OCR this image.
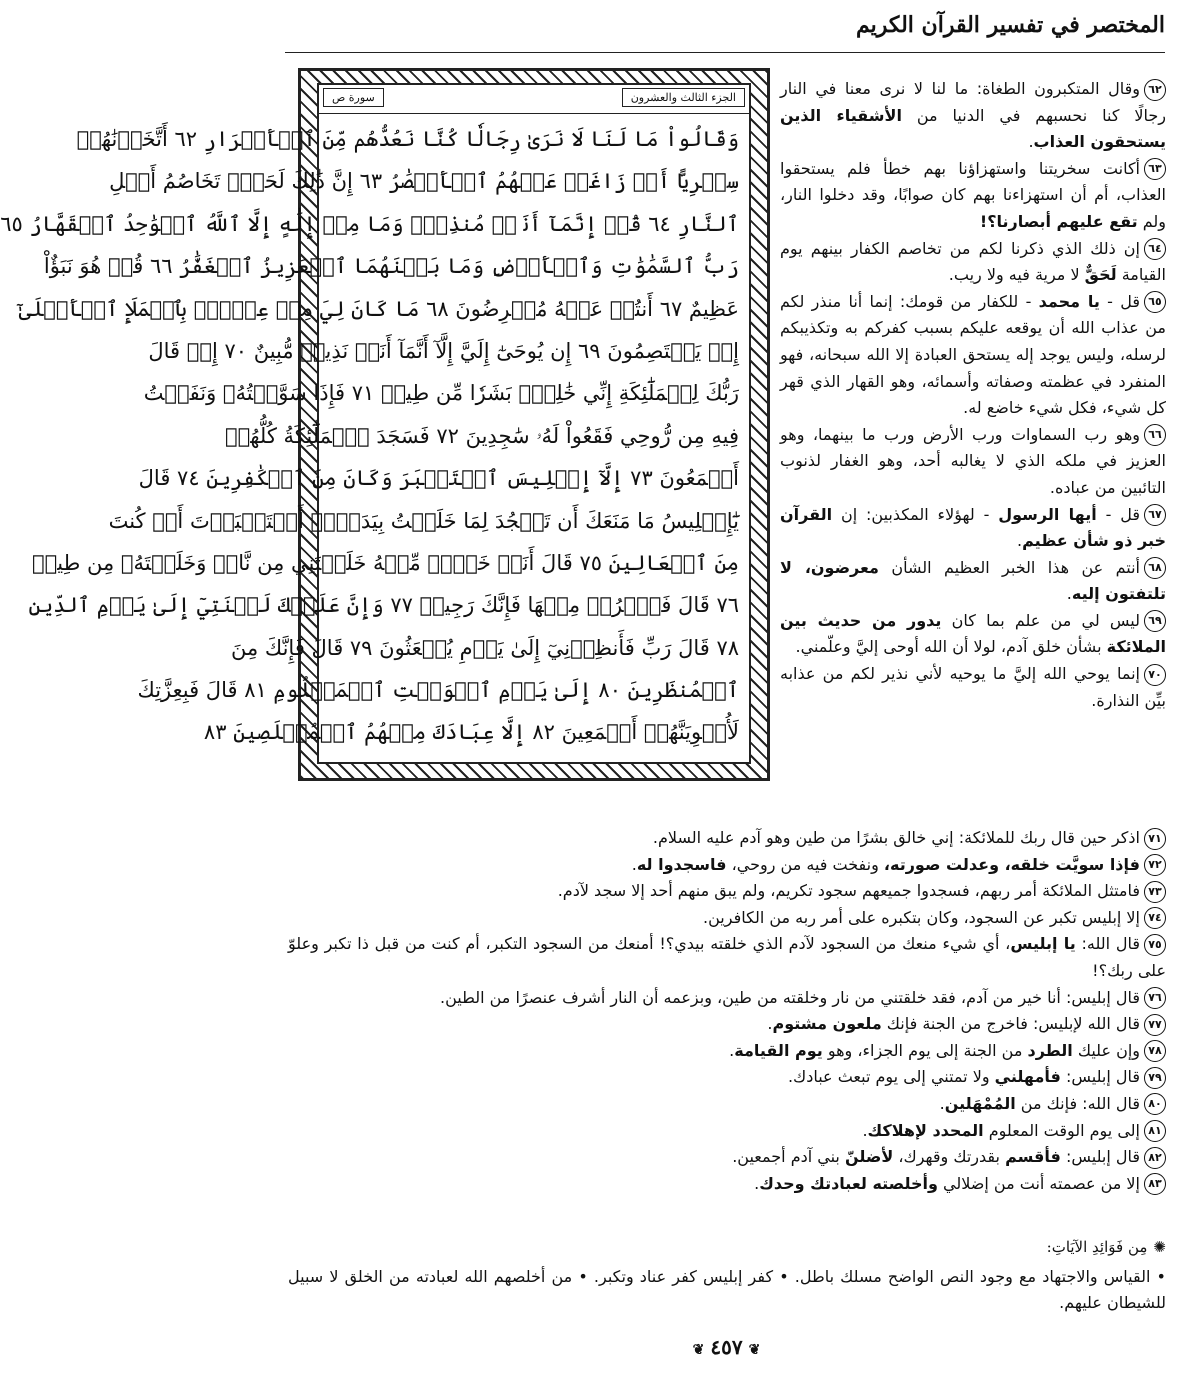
المختصر في تفسير القرآن الكريم
الجزء الثالث والعشرون
سورة ص
وَقَالُواْ مَا لَنَا لَا نَرَىٰ رِجَالٗا كُنَّا نَعُدُّهُم مِّنَ ٱلۡأَشۡرَارِ ٦٢ أَتَّخَذۡنَٰهُمۡ
سِخۡرِيًّا أَمۡ زَاغَتۡ عَنۡهُمُ ٱلۡأَبۡصَٰرُ ٦٣ إِنَّ ذَٰلِكَ لَحَقّٞ تَخَاصُمُ أَهۡلِ
ٱلنَّارِ ٦٤ قُلۡ إِنَّمَآ أَنَا۠ مُنذِرٞۖ وَمَا مِنۡ إِلَٰهٍ إِلَّا ٱللَّهُ ٱلۡوَٰحِدُ ٱلۡقَهَّارُ ٦٥
رَبُّ ٱلسَّمَٰوَٰتِ وَٱلۡأَرۡضِ وَمَا بَيۡنَهُمَا ٱلۡعَزِيزُ ٱلۡغَفَّٰرُ ٦٦ قُلۡ هُوَ نَبَؤٌاْ
عَظِيمٌ ٦٧ أَنتُمۡ عَنۡهُ مُعۡرِضُونَ ٦٨ مَا كَانَ لِيَ مِنۡ عِلۡمِۭ بِٱلۡمَلَإِ ٱلۡأَعۡلَىٰٓ
إِذۡ يَخۡتَصِمُونَ ٦٩ إِن يُوحَىٰٓ إِلَيَّ إِلَّآ أَنَّمَآ أَنَا۠ نَذِيرٞ مُّبِينٌ ٧٠ إِذۡ قَالَ
رَبُّكَ لِلۡمَلَٰٓئِكَةِ إِنِّي خَٰلِقُۢ بَشَرٗا مِّن طِينٖ ٧١ فَإِذَا سَوَّيۡتُهُۥ وَنَفَخۡتُ
فِيهِ مِن رُّوحِي فَقَعُواْ لَهُۥ سَٰجِدِينَ ٧٢ فَسَجَدَ ٱلۡمَلَٰٓئِكَةُ كُلُّهُمۡ
أَجۡمَعُونَ ٧٣ إِلَّآ إِبۡلِيسَ ٱسۡتَكۡبَرَ وَكَانَ مِنَ ٱلۡكَٰفِرِينَ ٧٤ قَالَ
يَٰٓإِبۡلِيسُ مَا مَنَعَكَ أَن تَسۡجُدَ لِمَا خَلَقۡتُ بِيَدَيَّۖ أَسۡتَكۡبَرۡتَ أَمۡ كُنتَ
مِنَ ٱلۡعَالِينَ ٧٥ قَالَ أَنَا۠ خَيۡرٞ مِّنۡهُ خَلَقۡتَنِي مِن نَّارٖ وَخَلَقۡتَهُۥ مِن طِينٖ
٧٦ قَالَ فَٱخۡرُجۡ مِنۡهَا فَإِنَّكَ رَجِيمٞ ٧٧ وَإِنَّ عَلَيۡكَ لَعۡنَتِيٓ إِلَىٰ يَوۡمِ ٱلدِّينِ
٧٨ قَالَ رَبِّ فَأَنظِرۡنِيٓ إِلَىٰ يَوۡمِ يُبۡعَثُونَ ٧٩ قَالَ فَإِنَّكَ مِنَ
ٱلۡمُنظَرِينَ ٨٠ إِلَىٰ يَوۡمِ ٱلۡوَقۡتِ ٱلۡمَعۡلُومِ ٨١ قَالَ فَبِعِزَّتِكَ
لَأُغۡوِيَنَّهُمۡ أَجۡمَعِينَ ٨٢ إِلَّا عِبَادَكَ مِنۡهُمُ ٱلۡمُخۡلَصِينَ ٨٣
٦٢وقال المتكبرون الطغاة: ما لنا لا نرى معنا في النار رجالًا كنا نحسبهم في الدنيا من الأشقياء الذين يستحقون العذاب.
٦٣أكانت سخريتنا واستهزاؤنا بهم خطأ فلم يستحقوا العذاب، أم أن استهزاءنا بهم كان صوابًا، وقد دخلوا النار، ولم تقع عليهم أبصارنا؟!
٦٤إن ذلك الذي ذكرنا لكم من تخاصم الكفار بينهم يوم القيامة لَحَقٌّ لا مرية فيه ولا ريب.
٦٥قل - يا محمد - للكفار من قومك: إنما أنا منذر لكم من عذاب الله أن يوقعه عليكم بسبب كفركم به وتكذيبكم لرسله، وليس يوجد إله يستحق العبادة إلا الله سبحانه، فهو المنفرد في عظمته وصفاته وأسمائه، وهو القهار الذي قهر كل شيء، فكل شيء خاضع له.
٦٦وهو رب السماوات ورب الأرض ورب ما بينهما، وهو العزيز في ملكه الذي لا يغالبه أحد، وهو الغفار لذنوب التائبين من عباده.
٦٧قل - أيها الرسول - لهؤلاء المكذبين: إن القرآن خبر ذو شأن عظيم.
٦٨أنتم عن هذا الخبر العظيم الشأن معرضون، لا تلتفتون إليه.
٦٩ليس لي من علم بما كان يدور من حديث بين الملائكة بشأن خلق آدم، لولا أن الله أوحى إليَّ وعلّمني.
٧٠إنما يوحي الله إليَّ ما يوحيه لأني نذير لكم من عذابه بيِّن النذارة.
٧١اذكر حين قال ربك للملائكة: إني خالق بشرًا من طين وهو آدم عليه السلام.
٧٢فإذا سويَّت خلقه، وعدلت صورته، ونفخت فيه من روحي، فاسجدوا له.
٧٣فامتثل الملائكة أمر ربهم، فسجدوا جميعهم سجود تكريم، ولم يبق منهم أحد إلا سجد لآدم.
٧٤إلا إبليس تكبر عن السجود، وكان بتكبره على أمر ربه من الكافرين.
٧٥قال الله: يا إبليس، أي شيء منعك من السجود لآدم الذي خلقته بيدي؟! أمنعك من السجود التكبر، أم كنت من قبل ذا تكبر وعلوّ على ربك؟!
٧٦قال إبليس: أنا خير من آدم، فقد خلقتني من نار وخلقته من طين، وبزعمه أن النار أشرف عنصرًا من الطين.
٧٧قال الله لإبليس: فاخرج من الجنة فإنك ملعون مشتوم.
٧٨وإن عليك الطرد من الجنة إلى يوم الجزاء، وهو يوم القيامة.
٧٩قال إبليس: فأمهلني ولا تمتني إلى يوم تبعث عبادك.
٨٠قال الله: فإنك من المُمْهَلين.
٨١إلى يوم الوقت المعلوم المحدد لإهلاكك.
٨٢قال إبليس: فأقسم بقدرتك وقهرك، لأضلنّ بني آدم أجمعين.
٨٣إلا من عصمته أنت من إضلالي وأخلصته لعبادتك وحدك.
✺مِن فَوَائِدِ الآيَاتِ:
• القياس والاجتهاد مع وجود النص الواضح مسلك باطل. • كفر إبليس كفر عناد وتكبر. • من أخلصهم الله لعبادته من الخلق لا سبيل للشيطان عليهم.
❦٤٥٧❦
